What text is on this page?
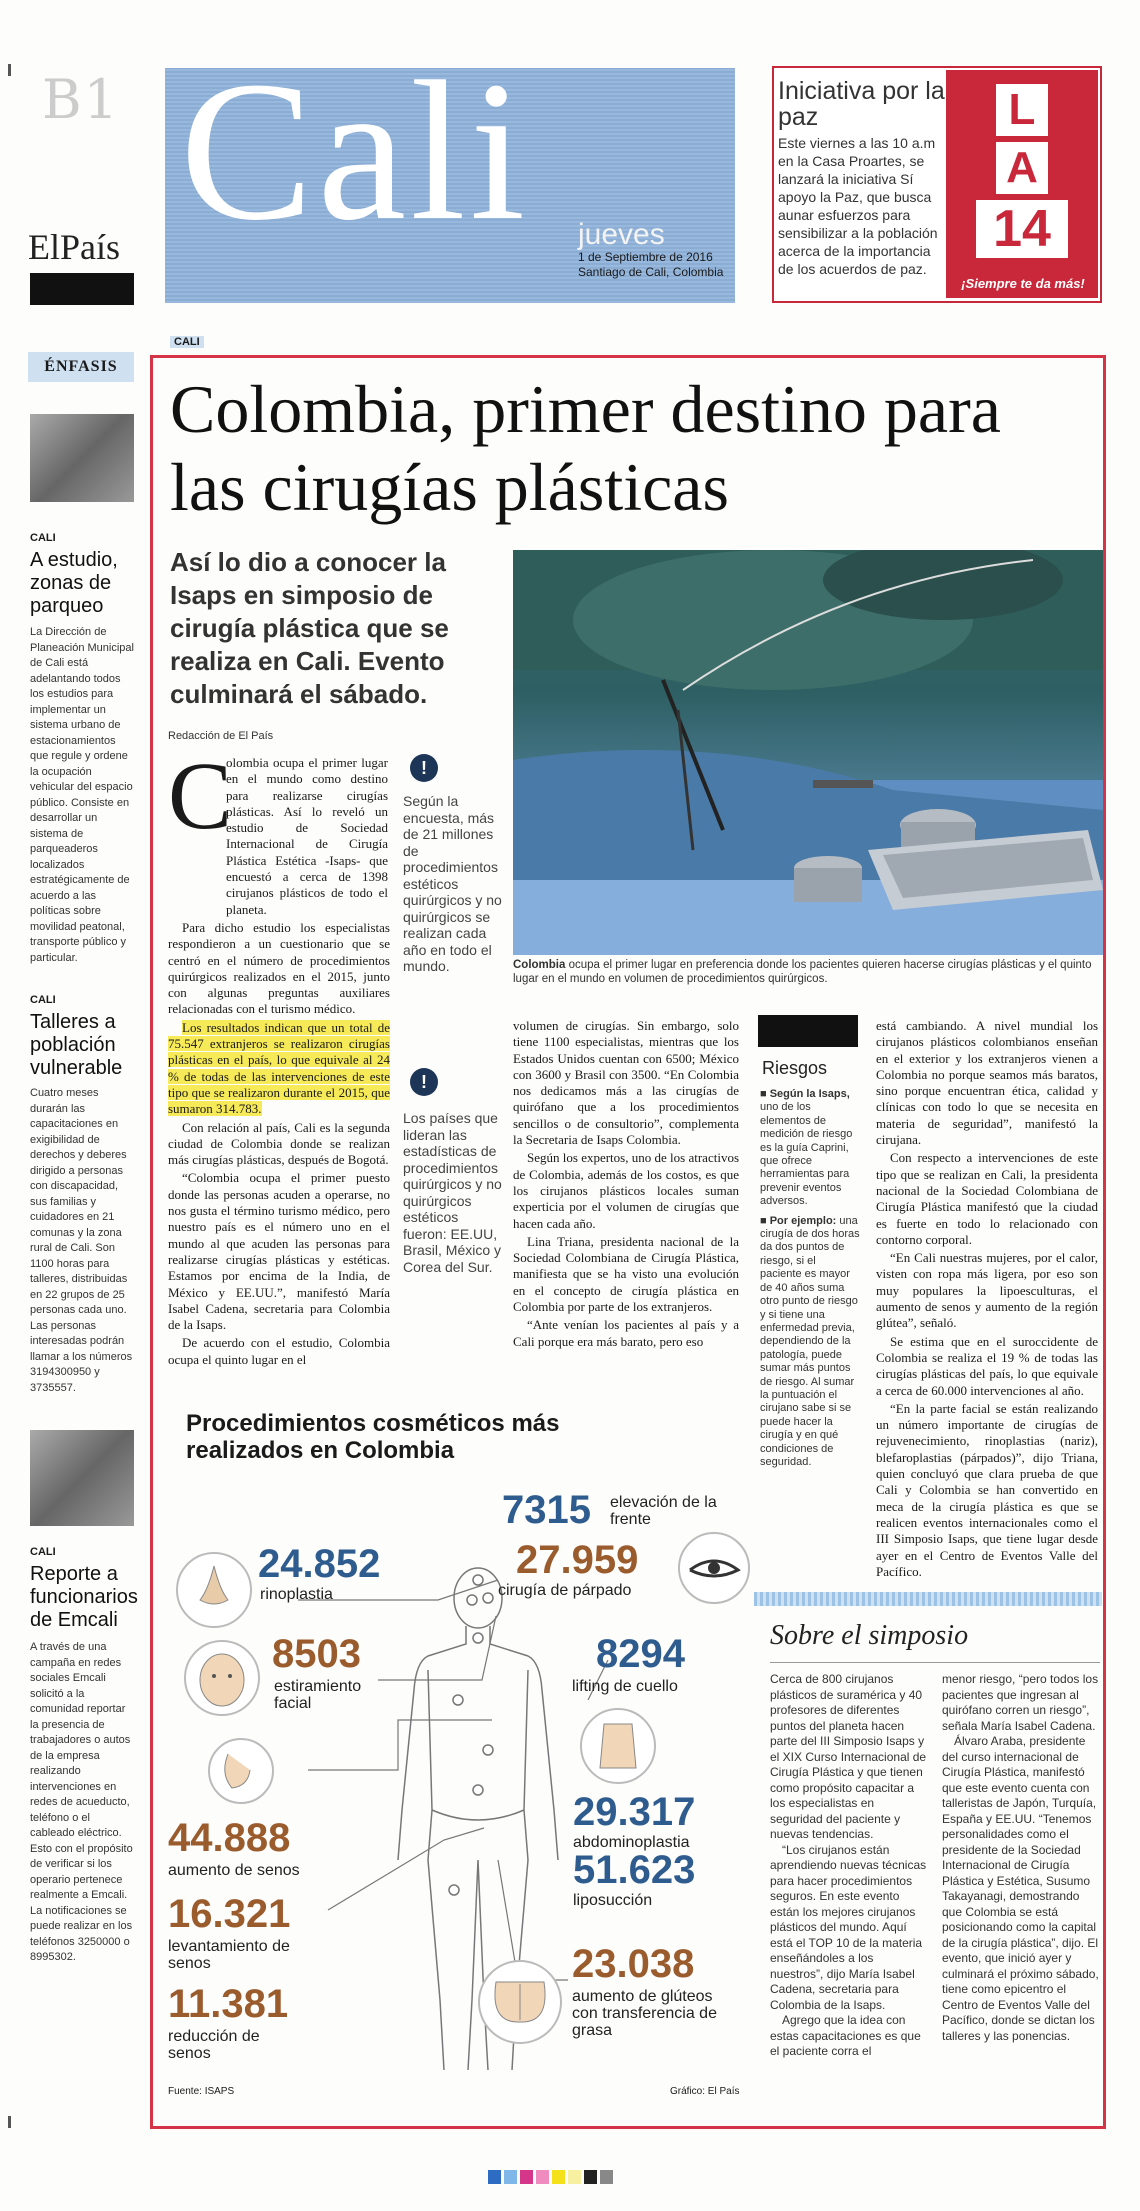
B1
ElPaís Cali jueves
1 de Septiembre de 2016
Santiago de Cali, Colombia
Iniciativa por la paz
Este viernes a las 10 a.m en la Casa Proartes, se lanzará la iniciativa Sí apoyo la Paz, que busca aunar esfuerzos para sensibilizar a la población acerca de la importancia de los acuerdos de paz.
L
A
14
¡Siempre te da más!
ÉNFASIS
CALI
A estudio, zonas de parqueo
La Dirección de Planeación Municipal de Cali está adelantando todos los estudios para implementar un sistema urbano de estacionamientos que regule y ordene la ocupación vehicular del espacio público. Consiste en desarrollar un sistema de parqueaderos localizados estratégicamente de acuerdo a las políticas sobre movilidad peatonal, transporte público y particular.
CALI
Talleres a población vulnerable
Cuatro meses durarán las capacitaciones en exigibilidad de derechos y deberes dirigido a personas con discapacidad, sus familias y cuidadores en 21 comunas y la zona rural de Cali. Son 1100 horas para talleres, distribuidas en 22 grupos de 25 personas cada uno. Las personas interesadas podrán llamar a los números 3194300950 y 3735557.
CALI
Reporte a funcionarios de Emcali
A través de una campaña en redes sociales Emcali solicitó a la comunidad reportar la presencia de trabajadores o autos de la empresa realizando intervenciones en redes de acueducto, teléfono o el cableado eléctrico. Esto con el propósito de verificar si los operario pertenece realmente a Emcali. La notificaciones se puede realizar en los teléfonos 3250000 o 8995302.
CALI
Colombia, primer destino para las cirugías plásticas
Así lo dio a conocer la Isaps en simposio de cirugía plástica que se realiza en Cali. Evento culminará el sábado.
Redacción de El País
Colombia ocupa el primer lugar en preferencia donde los pacientes quieren hacerse cirugías plásticas y el quinto lugar en el mundo en volumen de procedimientos quirúrgicos.
C

olombia ocupa el primer lugar en el mundo como destino para realizarse cirugías plásticas. Así lo reveló un estudio de Sociedad Internacional de Cirugía Plástica Estética -Isaps- que encuestó a cerca de 1398 cirujanos plásticos de todo el planeta.

Para dicho estudio los especialistas respondieron a un cuestionario que se centró en el número de procedimientos quirúrgicos realizados en el 2015, junto con algunas preguntas auxiliares relacionadas con el turismo médico.

Los resultados indican que un total de 75.547 extranjeros se realizaron cirugías plásticas en el país, lo que equivale al 24 % de todas de las intervenciones de este tipo que se realizaron durante el 2015, que sumaron 314.783.

Con relación al país, Cali es la segunda ciudad de Colombia donde se realizan más cirugías plásticas, después de Bogotá.

“Colombia ocupa el primer puesto donde las personas acuden a operarse, no nos gusta el término turismo médico, pero nuestro país es el número uno en el mundo al que acuden las personas para realizarse cirugías plásticas y estéticas. Estamos por encima de la India, de México y EE.UU.”, manifestó María Isabel Cadena, secretaria para Colombia de la Isaps.

De acuerdo con el estudio, Colombia ocupa el quinto lugar en el

!
Según la encuesta, más de 21 millones de procedimientos estéticos quirúrgicos y no quirúrgicos se realizan cada año en todo el mundo.
!
Los países que lideran las estadísticas de procedimientos quirúrgicos y no quirúrgicos estéticos fueron: EE.UU, Brasil, México y Corea del Sur.

volumen de cirugías. Sin embargo, solo tiene 1100 especialistas, mientras que los Estados Unidos cuentan con 6500; México con 3600 y Brasil con 3500. “En Colombia nos dedicamos más a las cirugías de quirófano que a los procedimientos sencillos o de consultorio”, complementa la Secretaria de Isaps Colombia.

Según los expertos, uno de los atractivos de Colombia, además de los costos, es que los cirujanos plásticos locales suman experticia por el volumen de cirugías que hacen cada año.

Lina Triana, presidenta nacional de la Sociedad Colombiana de Cirugía Plástica, manifiesta que se ha visto una evolución en el concepto de cirugía plástica en Colombia por parte de los extranjeros.

“Ante venían los pacientes al país y a Cali porque era más barato, pero eso

Riesgos
■ Según la Isaps, uno de los elementos de medición de riesgo es la guía Caprini, que ofrece herramientas para prevenir eventos adversos.
■ Por ejemplo: una cirugía de dos horas da dos puntos de riesgo, si el paciente es mayor de 40 años suma otro punto de riesgo y si tiene una enfermedad previa, dependiendo de la patología, puede sumar más puntos de riesgo. Al sumar la puntuación el cirujano sabe si se puede hacer la cirugía y en qué condiciones de seguridad.

está cambiando. A nivel mundial los cirujanos plásticos colombianos enseñan en el exterior y los extranjeros vienen a Colombia no porque seamos más baratos, sino porque encuentran ética, calidad y clínicas con todo lo que se necesita en materia de seguridad”, manifestó la cirujana.

Con respecto a intervenciones de este tipo que se realizan en Cali, la presidenta nacional de la Sociedad Colombiana de Cirugía Plástica manifestó que la ciudad es fuerte en todo lo relacionado con contorno corporal.

“En Cali nuestras mujeres, por el calor, visten con ropa más ligera, por eso son muy populares la lipoesculturas, el aumento de senos y aumento de la región glútea”, señaló.

Se estima que en el suroccidente de Colombia se realiza el 19 % de todas las cirugías plásticas del país, lo que equivale a cerca de 60.000 intervenciones al año.

“En la parte facial se están realizando un número importante de cirugías de rejuvenecimiento, rinoplastias (nariz), blefaroplastias (párpados)”, dijo Triana, quien concluyó que clara prueba de que Cali y Colombia se han convertido en meca de la cirugía plástica es que se realicen eventos internacionales como el III Simposio Isaps, que tiene lugar desde ayer en el Centro de Eventos Valle del Pacífico.

Procedimientos cosméticos más realizados en Colombia
7315 elevación de la frente
24.852
rinoplastia
27.959
cirugía de párpado
8503
estiramiento facial
8294
lifting de cuello
29.317
abdominoplastia
51.623
liposucción
44.888
aumento de senos
16.321
levantamiento de senos
11.381
reducción de senos
23.038
aumento de glúteos con transferencia de grasa
Fuente: ISAPS	Gráfico: El País
Sobre el simposio

Cerca de 800 cirujanos plásticos de suramérica y 40 profesores de diferentes puntos del planeta hacen parte del III Simposio Isaps y el XIX Curso Internacional de Cirugía Plástica y que tienen como propósito capacitar a los especialistas en seguridad del paciente y nuevas tendencias.

“Los cirujanos están aprendiendo nuevas técnicas para hacer procedimientos seguros. En este evento están los mejores cirujanos plásticos del mundo. Aquí está el TOP 10 de la materia enseñándoles a los nuestros”, dijo María Isabel Cadena, secretaria para Colombia de la Isaps.

Agrego que la idea con estas capacitaciones es que el paciente corra el

menor riesgo, “pero todos los pacientes que ingresan al quirófano corren un riesgo”, señala María Isabel Cadena.

Álvaro Araba, presidente del curso internacional de Cirugía Plástica, manifestó que este evento cuenta con talleristas de Japón, Turquía, España y EE.UU. “Tenemos personalidades como el presidente de la Sociedad Internacional de Cirugía Plástica y Estética, Susumo Takayanagi, demostrando que Colombia se está posicionando como la capital de la cirugía plástica”, dijo. El evento, que inició ayer y culminará el próximo sábado, tiene como epicentro el Centro de Eventos Valle del Pacífico, donde se dictan los talleres y las ponencias.
